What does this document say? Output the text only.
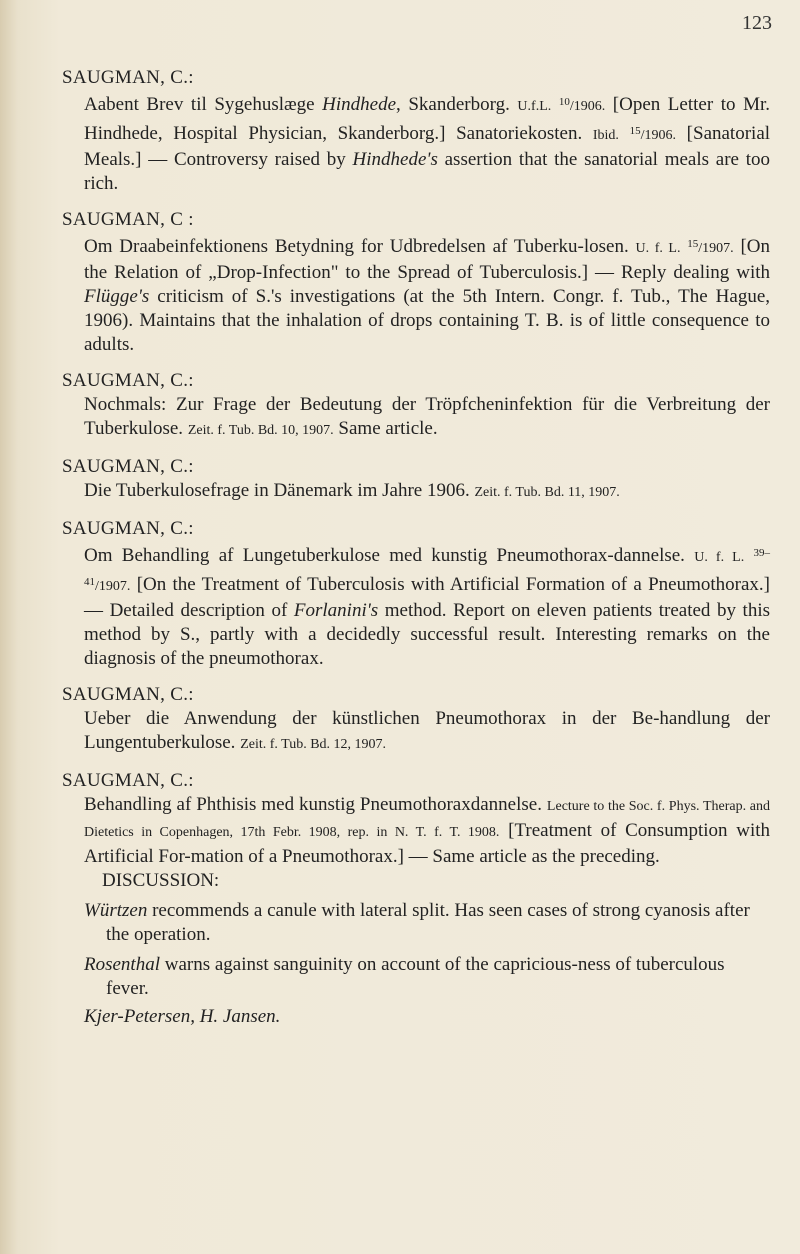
123

SAUGMAN, C.:

Aabent Brev til Sygehuslæge Hindhede, Skanderborg. U.f.L. $^{10}$/1906. [Open Letter to Mr. Hindhede, Hospital Physician, Skanderborg.] Sanatoriekosten. Ibid. $^{15}$/1906. [Sanatorial Meals.] — Controversy raised by Hindhede's assertion that the sanatorial meals are too rich.

SAUGMAN, C :

Om Draabeinfektionens Betydning for Udbredelsen af Tuberku-losen. U. f. L. $^{15}$/1907. [On the Relation of „Drop-Infection" to the Spread of Tuberculosis.] — Reply dealing with Flügge's criticism of S.'s investigations (at the 5th Intern. Congr. f. Tub., The Hague, 1906). Maintains that the inhalation of drops containing T. B. is of little consequence to adults.

SAUGMAN, C.:

Nochmals: Zur Frage der Bedeutung der Tröpfcheninfektion für die Verbreitung der Tuberkulose. Zeit. f. Tub. Bd. 10, 1907. Same article.

SAUGMAN, C.:

Die Tuberkulosefrage in Dänemark im Jahre 1906. Zeit. f. Tub. Bd. 11, 1907.

SAUGMAN, C.:

Om Behandling af Lungetuberkulose med kunstig Pneumothorax-dannelse. U. f. L. $^{39-41}$/1907. [On the Treatment of Tuberculosis with Artificial Formation of a Pneumothorax.] — Detailed description of Forlanini's method. Report on eleven patients treated by this method by S., partly with a decidedly successful result. Interesting remarks on the diagnosis of the pneumothorax.

SAUGMAN, C.:

Ueber die Anwendung der künstlichen Pneumothorax in der Be-handlung der Lungentuberkulose. Zeit. f. Tub. Bd. 12, 1907.

SAUGMAN, C.:

Behandling af Phthisis med kunstig Pneumothoraxdannelse. Lecture to the Soc. f. Phys. Therap. and Dietetics in Copenhagen, 17th Febr. 1908, rep. in N. T. f. T. 1908. [Treatment of Consumption with Artificial For-mation of a Pneumothorax.] — Same article as the preceding.

DISCUSSION:

Würtzen recommends a canule with lateral split. Has seen cases of strong cyanosis after the operation.

Rosenthal warns against sanguinity on account of the capricious-ness of tuberculous fever.

Kjer-Petersen, H. Jansen.
